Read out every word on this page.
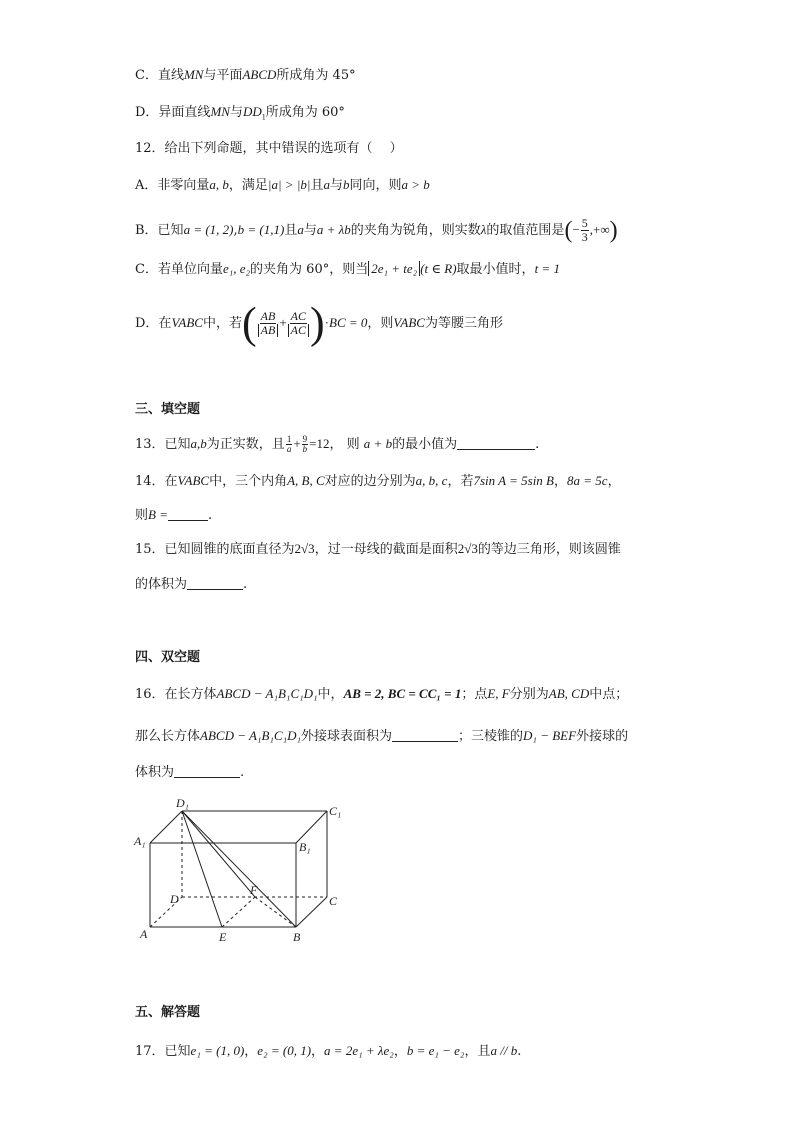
C．直线MN与平面ABCD所成角为 45°
D．异面直线MN与$DD_1$所成角为 60°
12．给出下列命题，其中错误的选项有（　 ）
A．非零向量a, b，满足|a| > |b|且a与b同向，则a > b
B．已知a = (1, 2),b = (1,1)且a与a + λb的夹角为锐角，则实数λ的取值范围是(− $\frac{5}{3}$ ,+∞)
C．若单位向量e₁, e₂的夹角为 60°，则当 2e₁ + te₂ (t ∈ R)取最小值时，t = 1
D．在VABC中，若( $\frac{AB}{AB} + \frac{AC}{AC} )\cdot BC = 0$，则VABC为等腰三角形
三、填空题
13．已知a,b为正实数，且 $\frac{1}{a} + \frac{9}{b} =12$， 则 a + b的最小值为	.
14．在VABC中，三个内角A, B, C对应的边分别为a, b, c，若7sin A = 5sin B，8a = 5c，
则B =	.
15．已知圆锥的底面直径为2√3，过一母线的截面是面积2√3的等边三角形，则该圆锥
的体积为	.
四、双空题
16．在长方体ABCD − A₁B₁C₁D₁中，AB = 2, BC = CC₁ = 1；点E, F分别为AB, CD中点；
那么长方体ABCD − A₁B₁C₁D₁外接球表面积为	；三棱锥的D₁ − BEF外接球的
体积为	.
D₁
C₁
A₁	B₁
D	C
A	B
E
F
五、解答题
17．已知e₁ = (1, 0)，e₂ = (0, 1)，a = 2e₁ + λe₂，b = e₁ − e₂，且a // b.
